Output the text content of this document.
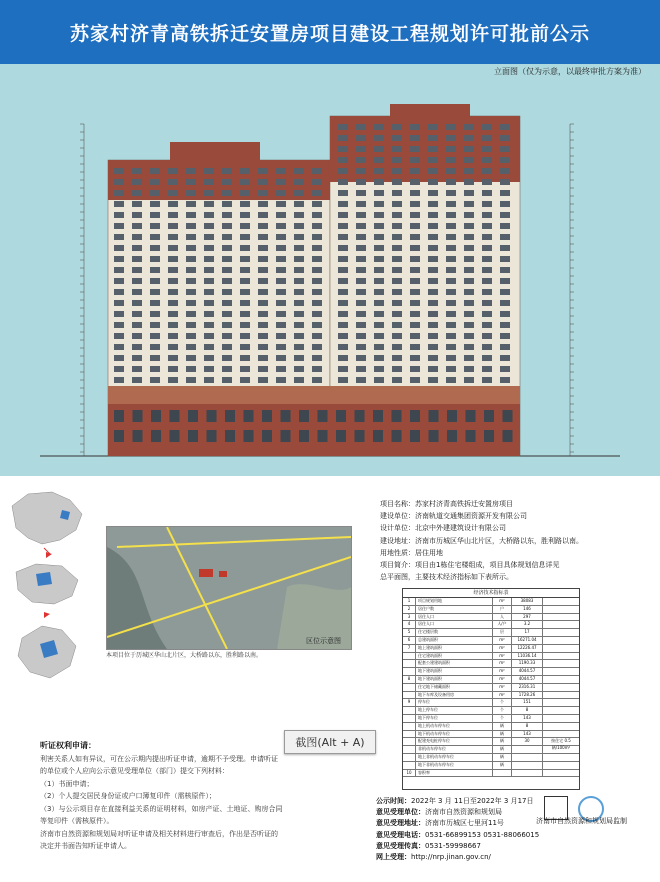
苏家村济青高铁拆迁安置房项目建设工程规划许可批前公示
立面图（仅为示意，以最终审批方案为准）
本项目位于历城区华山北片区，大桥路以东，胜利路以南。
区位示意图
听证权利申请：
利害关系人如有异议，可在公示期内提出听证申请，逾期不予受理。申请听证
的单位或个人应向公示意见受理单位（部门）提交下列材料：
（1）书面申请；
（2）个人提交居民身份证或户口簿复印件（需核原件）；
（3）与公示项目存在直接利益关系的证明材料，如房产证、土地证、购房合同
等复印件（需核原件）。
济南市自然资源和规划局对听证申请及相关材料进行审查后，作出是否听证的
决定并书面告知听证申请人。
项目名称：苏家村济青高铁拆迁安置房项目
建设单位：济南轨道交通集团资源开发有限公司
设计单位：北京中外建建筑设计有限公司
建设地址：济南市历城区华山北片区，大桥路以东，胜利路以南。
用地性质：居住用地
项目简介：项目由1栋住宅楼组成，项目具体规划信息详见
总平面图，主要技术经济指标如下表所示。
经济技术指标表
1	项目规划用地	m²	38083
2	居住户数	户	146
3	居住人口	人	297
4	居住人口	人/户	3.2
5	住宅楼层数	层	17
6	总建筑面积	m²	16271.04
7	地上建筑面积	m²	12226.47
住宅建筑面积	m²	11036.14
配套公建建筑面积	m²	1190.33
地下建筑面积	m²	4044.57
8	地下建筑面积	m²	4044.57
住宅地下储藏面积	m²	2316.31
地下车库及设备用房	m²	1728.26
9	停车位	个	151
地上停车位	个	8
地下停车位	个	143
地上机动车停车位	辆	8
地下机动车停车位	辆	143
配建充电桩停车位	辆	30	按住宅 0.5 辆/100m²
非机动车停车位	辆
地上非机动车停车位	辆
地下非机动车停车位	辆
10	容积率
截图(Alt + A)
公示时间：2022年 3 月 11日至2022年 3 月17日
意见受理单位：济南市自然资源和规划局
意见受理地址：济南市历城区七里河11号
意见受理电话：0531-66899153 0531-88066015
意见受理传真：0531-59998667
网上受理：http://nrp.jinan.gov.cn/
济南市自然资源和规划局监制
